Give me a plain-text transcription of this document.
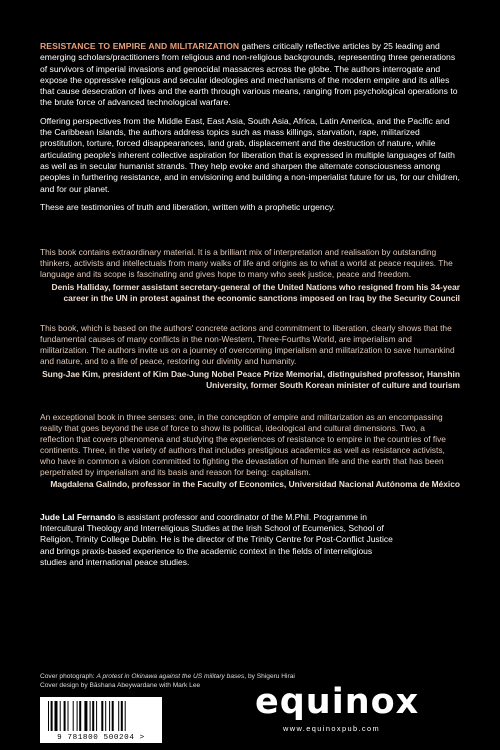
RESISTANCE TO EMPIRE AND MILITARIZATION gathers critically reflective articles by 25 leading and emerging scholars/practitioners from religious and non-religious backgrounds, representing three generations of survivors of imperial invasions and genocidal massacres across the globe. The authors interrogate and expose the oppressive religious and secular ideologies and mechanisms of the modern empire and its allies that cause desecration of lives and the earth through various means, ranging from psychological operations to the brute force of advanced technological warfare.

Offering perspectives from the Middle East, East Asia, South Asia, Africa, Latin America, and the Pacific and the Caribbean Islands, the authors address topics such as mass killings, starvation, rape, militarized prostitution, torture, forced disappearances, land grab, displacement and the destruction of nature, while articulating people's inherent collective aspiration for liberation that is expressed in multiple languages of faith as well as in secular humanist strands. They help evoke and sharpen the alternate consciousness among peoples in furthering resistance, and in envisioning and building a non-imperialist future for us, for our children, and for our planet.

These are testimonies of truth and liberation, written with a prophetic urgency.

This book contains extraordinary material. It is a brilliant mix of interpretation and realisation by outstanding thinkers, activists and intellectuals from many walks of life and origins as to what a world at peace requires. The language and its scope is fascinating and gives hope to many who seek justice, peace and freedom.

Denis Halliday, former assistant secretary-general of the United Nations who resigned from his 34-year career in the UN in protest against the economic sanctions imposed on Iraq by the Security Council

This book, which is based on the authors' concrete actions and commitment to liberation, clearly shows that the fundamental causes of many conflicts in the non-Western, Three-Fourths World, are imperialism and militarization. The authors invite us on a journey of overcoming imperialism and militarization to save humankind and nature, and to a life of peace, restoring our divinity and humanity.

Sung-Jae Kim, president of Kim Dae-Jung Nobel Peace Prize Memorial, distinguished professor, Hanshin University, former South Korean minister of culture and tourism

An exceptional book in three senses: one, in the conception of empire and militarization as an encompassing reality that goes beyond the use of force to show its political, ideological and cultural dimensions. Two, a reflection that covers phenomena and studying the experiences of resistance to empire in the countries of five continents. Three, in the variety of authors that includes prestigious academics as well as resistance activists, who have in common a vision committed to fighting the devastation of human life and the earth that has been perpetrated by imperialism and its basis and reason for being: capitalism.

Magdalena Galindo, professor in the Faculty of Economics, Universidad Nacional Autónoma de México

Jude Lal Fernando is assistant professor and coordinator of the M.Phil. Programme in Intercultural Theology and Interreligious Studies at the Irish School of Ecumenics, School of Religion, Trinity College Dublin. He is the director of the Trinity Centre for Post-Conflict Justice and brings praxis-based experience to the academic context in the fields of interreligious studies and international peace studies.
Cover photograph: A protest in Okinawa against the US military bases, by Shigeru Hirai
Cover design by Bāshana Abeywardane with Mark Lee
9 781800 500204 >
equinox
www.equinoxpub.com
